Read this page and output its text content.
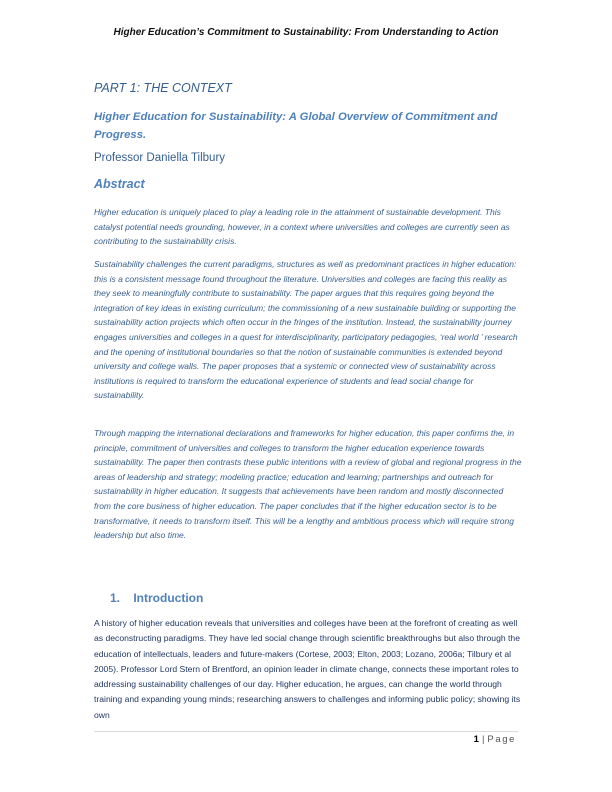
Higher Education’s Commitment to Sustainability: From Understanding to Action
PART 1: THE CONTEXT
Higher Education for Sustainability: A Global Overview of Commitment and Progress.
Professor Daniella Tilbury
Abstract

Higher education is uniquely placed to play a leading role in the attainment of sustainable development. This catalyst potential needs grounding, however, in a context where universities and colleges are currently seen as contributing to the sustainability crisis.

Sustainability challenges the current paradigms, structures as well as predominant practices in higher education: this is a consistent message found throughout the literature. Universities and colleges are facing this reality as they seek to meaningfully contribute to sustainability. The paper argues that this requires going beyond the integration of key ideas in existing curriculum; the commissioning of a new sustainable building or supporting the sustainability action projects which often occur in the fringes of the institution. Instead, the sustainability journey engages universities and colleges in a quest for interdisciplinarity, participatory pedagogies, ‘real world ’ research and the opening of institutional boundaries so that the notion of sustainable communities is extended beyond university and college walls. The paper proposes that a systemic or connected view of sustainability across institutions is required to transform the educational experience of students and lead social change for sustainability.

Through mapping the international declarations and frameworks for higher education, this paper confirms the, in principle, commitment of universities and colleges to transform the higher education experience towards sustainability. The paper then contrasts these public intentions with a review of global and regional progress in the areas of leadership and strategy; modeling practice; education and learning; partnerships and outreach for sustainability in higher education. It suggests that achievements have been random and mostly disconnected from the core business of higher education. The paper concludes that if the higher education sector is to be transformative, it needs to transform itself. This will be a lengthy and ambitious process which will require strong leadership but also time.

1. Introduction

A history of higher education reveals that universities and colleges have been at the forefront of creating as well as deconstructing paradigms. They have led social change through scientific breakthroughs but also through the education of intellectuals, leaders and future-makers (Cortese, 2003; Elton, 2003; Lozano, 2006a; Tilbury et al 2005). Professor Lord Stern of Brentford, an opinion leader in climate change, connects these important roles to addressing sustainability challenges of our day. Higher education, he argues, can change the world through training and expanding young minds; researching answers to challenges and informing public policy; showing its own

1 | Page
